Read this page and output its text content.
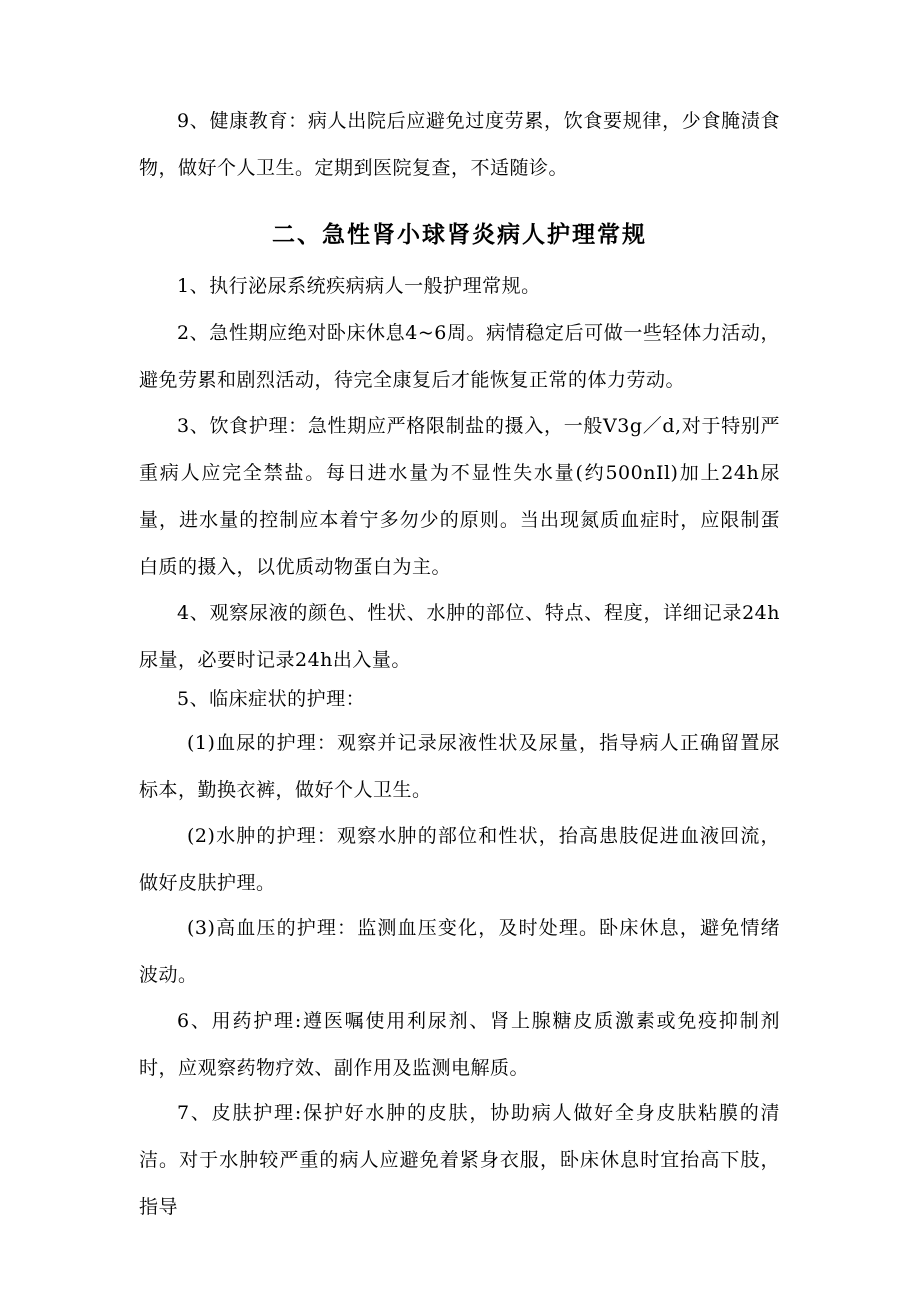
9、健康教育：病人出院后应避免过度劳累，饮食要规律，少食腌渍食物，做好个人卫生。定期到医院复查，不适随诊。

二、急性肾小球肾炎病人护理常规

1、执行泌尿系统疾病病人一般护理常规。

2、急性期应绝对卧床休息4~6周。病情稳定后可做一些轻体力活动，避免劳累和剧烈活动，待完全康复后才能恢复正常的体力劳动。

3、饮食护理：急性期应严格限制盐的摄入，一般V3g／d,对于特别严重病人应完全禁盐。每日进水量为不显性失水量(约500nIl)加上24h尿量，进水量的控制应本着宁多勿少的原则。当出现氮质血症时，应限制蛋白质的摄入，以优质动物蛋白为主。

4、观察尿液的颜色、性状、水肿的部位、特点、程度，详细记录24h尿量，必要时记录24h出入量。

5、临床症状的护理：

(1)血尿的护理：观察并记录尿液性状及尿量，指导病人正确留置尿标本，勤换衣裤，做好个人卫生。

(2)水肿的护理：观察水肿的部位和性状，抬高患肢促进血液回流，做好皮肤护理。

(3)高血压的护理：监测血压变化，及时处理。卧床休息，避免情绪波动。

6、用药护理:遵医嘱使用利尿剂、肾上腺糖皮质激素或免疫抑制剂时，应观察药物疗效、副作用及监测电解质。

7、皮肤护理:保护好水肿的皮肤，协助病人做好全身皮肤粘膜的清洁。对于水肿较严重的病人应避免着紧身衣服，卧床休息时宜抬高下肢，指导
